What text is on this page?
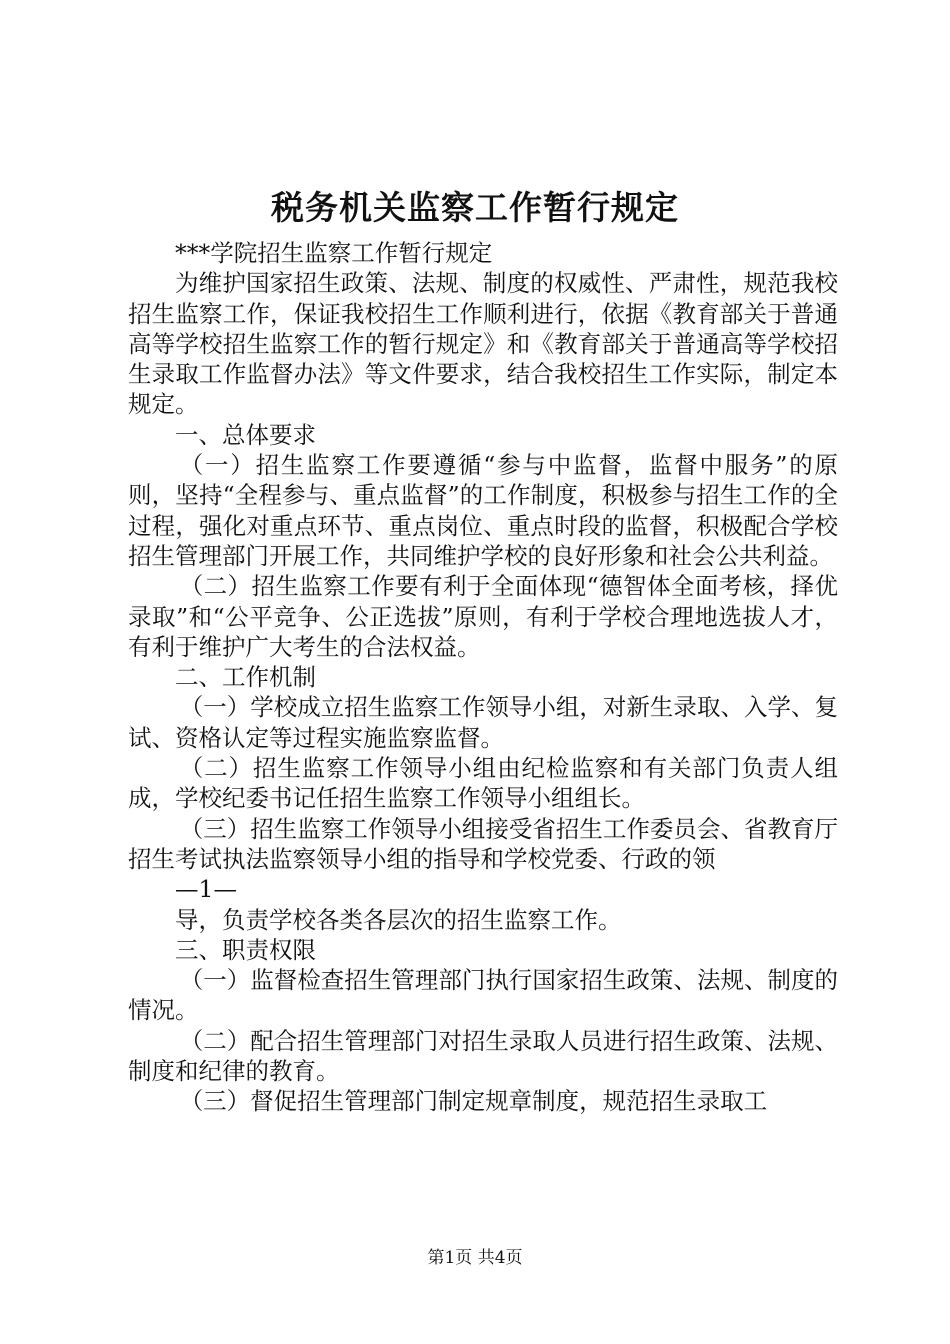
税务机关监察工作暂行规定

***学院招生监察工作暂行规定

为维护国家招生政策、法规、制度的权威性、严肃性，规范我校招生监察工作，保证我校招生工作顺利进行，依据《教育部关于普通高等学校招生监察工作的暂行规定》和《教育部关于普通高等学校招生录取工作监督办法》等文件要求，结合我校招生工作实际，制定本规定。

一、总体要求

（一）招生监察工作要遵循“参与中监督，监督中服务”的原则，坚持“全程参与、重点监督”的工作制度，积极参与招生工作的全过程，强化对重点环节、重点岗位、重点时段的监督，积极配合学校招生管理部门开展工作，共同维护学校的良好形象和社会公共利益。

（二）招生监察工作要有利于全面体现“德智体全面考核，择优录取”和“公平竞争、公正选拔”原则，有利于学校合理地选拔人才，有利于维护广大考生的合法权益。

二、工作机制

（一）学校成立招生监察工作领导小组，对新生录取、入学、复试、资格认定等过程实施监察监督。

（二）招生监察工作领导小组由纪检监察和有关部门负责人组成，学校纪委书记任招生监察工作领导小组组长。

（三）招生监察工作领导小组接受省招生工作委员会、省教育厅招生考试执法监察领导小组的指导和学校党委、行政的领

—1—

导，负责学校各类各层次的招生监察工作。

三、职责权限

（一）监督检查招生管理部门执行国家招生政策、法规、制度的情况。

（二）配合招生管理部门对招生录取人员进行招生政策、法规、制度和纪律的教育。

（三）督促招生管理部门制定规章制度，规范招生录取工

第1页 共4页
